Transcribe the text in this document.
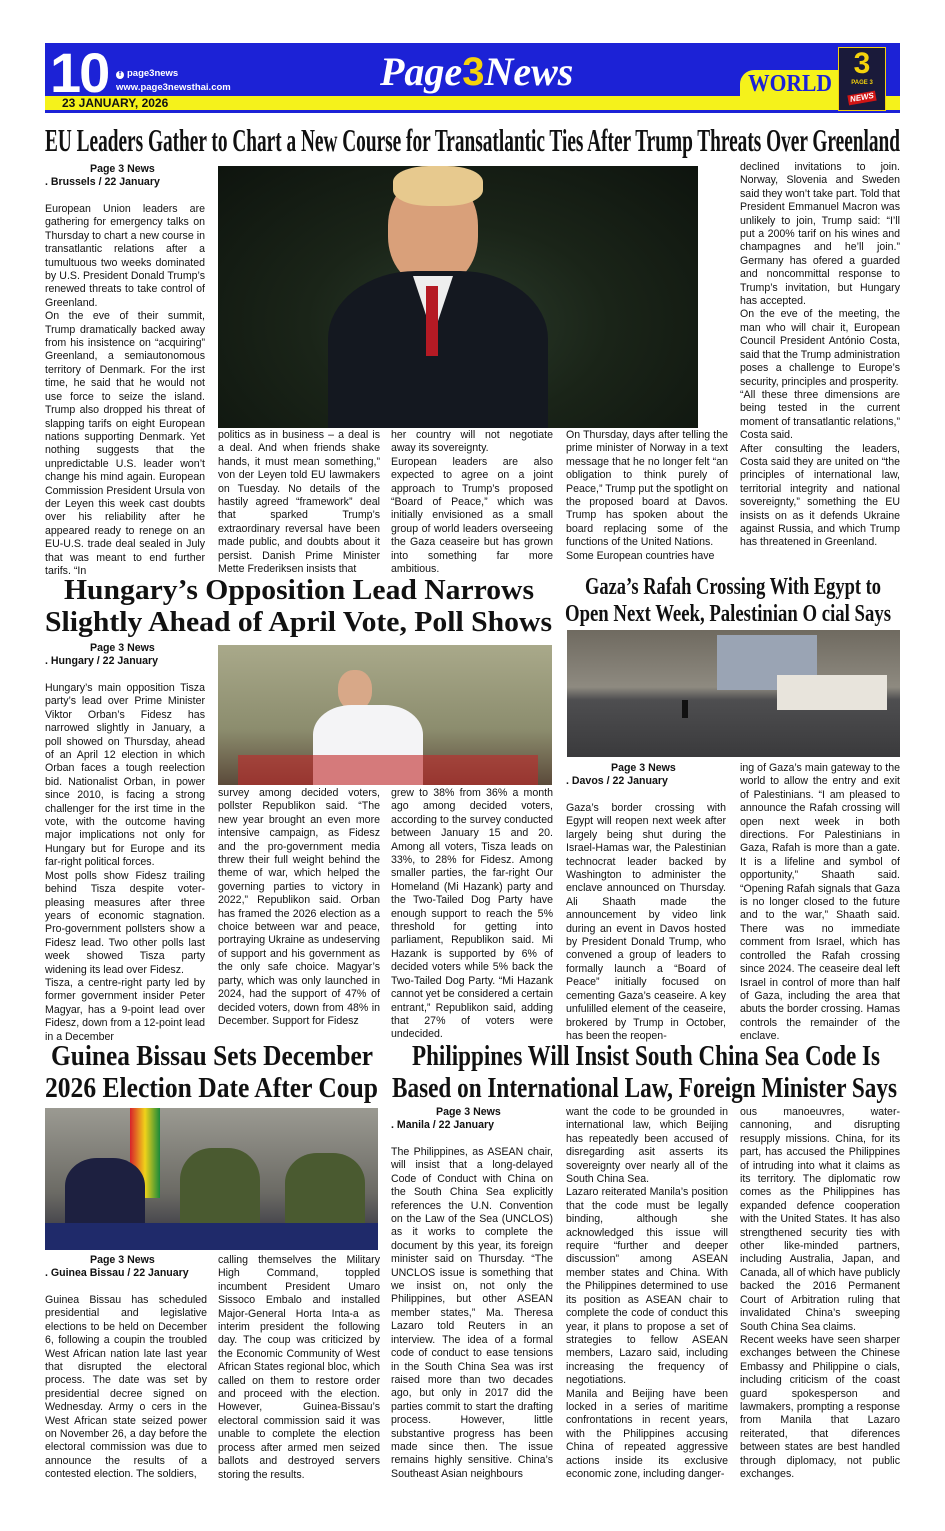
10	f page3news
www.page3newsthai.com
23 JANUARY, 2026
Page3News	WORLD
3
PAGE 3
NEWS
EU Leaders Gather to Chart a New Course for Transatlantic Ties After Trump Threats Over Greenland
Page 3 News
. Brussels / 22 January
European Union leaders are gathering for emergency talks on Thursday to chart a new course in transatlantic relations after a tumultuous two weeks dominated by U.S. President Donald Trump’s renewed threats to take control of Greenland.
On the eve of their summit, Trump dramatically backed away from his insistence on “acquiring” Greenland, a semiautonomous territory of Denmark. For the irst time, he said that he would not use force to seize the island. Trump also dropped his threat of slapping tarifs on eight European nations supporting Denmark. Yet nothing suggests that the unpredictable U.S. leader won’t change his mind again. European Commission President Ursula von der Leyen this week cast doubts over his reliability after he appeared ready to renege on an EU-U.S. trade deal sealed in July that was meant to end further tarifs. “In
politics as in business – a deal is a deal. And when friends shake hands, it must mean something,” von der Leyen told EU lawmakers on Tuesday. No details of the hastily agreed “framework” deal that sparked Trump’s extraordinary reversal have been made public, and doubts about it persist. Danish Prime Minister Mette Frederiksen insists that
her country will not negotiate away its sovereignty.
European leaders are also expected to agree on a joint approach to Trump’s proposed “Board of Peace,” which was initially envisioned as a small group of world leaders overseeing the Gaza ceaseire but has grown into something far more ambitious.
On Thursday, days after telling the prime minister of Norway in a text message that he no longer felt “an obligation to think purely of Peace,” Trump put the spotlight on the proposed board at Davos. Trump has spoken about the board replacing some of the functions of the United Nations.
Some European countries have
declined invitations to join. Norway, Slovenia and Sweden said they won’t take part. Told that President Emmanuel Macron was unlikely to join, Trump said: “I’ll put a 200% tarif on his wines and champagnes and he’ll join.” Germany has ofered a guarded and noncommittal response to Trump’s invitation, but Hungary has accepted.
On the eve of the meeting, the man who will chair it, European Council President António Costa, said that the Trump administration poses a challenge to Europe’s security, principles and prosperity.
“All these three dimensions are being tested in the current moment of transatlantic relations,” Costa said.
After consulting the leaders, Costa said they are united on “the principles of international law, territorial integrity and national sovereignty,” something the EU insists on as it defends Ukraine against Russia, and which Trump has threatened in Greenland.
Hungary’s Opposition Lead Narrows
Slightly Ahead of April Vote, Poll Shows
Page 3 News
. Hungary / 22 January
Hungary’s main opposition Tisza party’s lead over Prime Minister Viktor Orban’s Fidesz has narrowed slightly in January, a poll showed on Thursday, ahead of an April 12 election in which Orban faces a tough reelection bid. Nationalist Orban, in power since 2010, is facing a strong challenger for the irst time in the vote, with the outcome having major implications not only for Hungary but for Europe and its far-right political forces.
Most polls show Fidesz trailing behind Tisza despite voter-pleasing measures after three years of economic stagnation. Pro-government pollsters show a Fidesz lead. Two other polls last week showed Tisza party widening its lead over Fidesz.
Tisza, a centre-right party led by former government insider Peter Magyar, has a 9-point lead over Fidesz, down from a 12-point lead in a December
survey among decided voters, pollster Republikon said. “The new year brought an even more intensive campaign, as Fidesz and the pro-government media threw their full weight behind the theme of war, which helped the governing parties to victory in 2022,” Republikon said. Orban has framed the 2026 election as a choice between war and peace, portraying Ukraine as undeserving of support and his government as the only safe choice. Magyar’s party, which was only launched in 2024, had the support of 47% of decided voters, down from 48% in December. Support for Fidesz
grew to 38% from 36% a month ago among decided voters, according to the survey conducted between January 15 and 20. Among all voters, Tisza leads on 33%, to 28% for Fidesz. Among smaller parties, the far-right Our Homeland (Mi Hazank) party and the Two-Tailed Dog Party have enough support to reach the 5% threshold for getting into parliament, Republikon said. Mi Hazank is supported by 6% of decided voters while 5% back the Two-Tailed Dog Party. “Mi Hazank cannot yet be considered a certain entrant,” Republikon said, adding that 27% of voters were undecided.
Gaza’s Rafah Crossing With Egypt to
Open Next Week, Palestinian O cial Says
Page 3 News
. Davos / 22 January
Gaza’s border crossing with Egypt will reopen next week after largely being shut during the Israel-Hamas war, the Palestinian technocrat leader backed by Washington to administer the enclave announced on Thursday. Ali Shaath made the announcement by video link during an event in Davos hosted by President Donald Trump, who convened a group of leaders to formally launch a “Board of Peace” initially focused on cementing Gaza’s ceaseire. A key unfulilled element of the ceaseire, brokered by Trump in October, has been the reopen-
ing of Gaza’s main gateway to the world to allow the entry and exit of Palestinians. “I am pleased to announce the Rafah crossing will open next week in both directions. For Palestinians in Gaza, Rafah is more than a gate. It is a lifeline and symbol of opportunity,” Shaath said. “Opening Rafah signals that Gaza is no longer closed to the future and to the war,” Shaath said. There was no immediate comment from Israel, which has controlled the Rafah crossing since 2024. The ceaseire deal left Israel in control of more than half of Gaza, including the area that abuts the border crossing. Hamas controls the remainder of the enclave.
Guinea Bissau Sets December
2026 Election Date After Coup
Page 3 News
. Guinea Bissau / 22 January
Guinea Bissau has scheduled presidential and legislative elections to be held on December 6, following a coupin the troubled West African nation late last year that disrupted the electoral process. The date was set by presidential decree signed on Wednesday. Army o cers in the West African state seized power on November 26, a day before the electoral commission was due to announce the results of a contested election. The soldiers,
calling themselves the Military High Command, toppled incumbent President Umaro Sissoco Embalo and installed Major-General Horta Inta-a as interim president the following day. The coup was criticized by the Economic Community of West African States regional bloc, which called on them to restore order and proceed with the election. However, Guinea-Bissau’s electoral commission said it was unable to complete the election process after armed men seized ballots and destroyed servers storing the results.
Philippines Will Insist South China Sea Code Is
Based on International Law, Foreign Minister Says
Page 3 News
. Manila / 22 January
The Philippines, as ASEAN chair, will insist that a long-delayed Code of Conduct with China on the South China Sea explicitly references the U.N. Convention on the Law of the Sea (UNCLOS) as it works to complete the document by this year, its foreign minister said on Thursday. “The UNCLOS issue is something that we insist on, not only the Philippines, but other ASEAN member states,” Ma. Theresa Lazaro told Reuters in an interview. The idea of a formal code of conduct to ease tensions in the South China Sea was irst raised more than two decades ago, but only in 2017 did the parties commit to start the drafting process. However, little substantive progress has been made since then. The issue remains highly sensitive. China’s Southeast Asian neighbours
want the code to be grounded in international law, which Beijing has repeatedly been accused of disregarding asit asserts its sovereignty over nearly all of the South China Sea.
Lazaro reiterated Manila’s position that the code must be legally binding, although she acknowledged this issue will require “further and deeper discussion” among ASEAN member states and China. With the Philippines determined to use its position as ASEAN chair to complete the code of conduct this year, it plans to propose a set of strategies to fellow ASEAN members, Lazaro said, including increasing the frequency of negotiations.
Manila and Beijing have been locked in a series of maritime confrontations in recent years, with the Philippines accusing China of repeated aggressive actions inside its exclusive economic zone, including danger-
ous manoeuvres, water-cannoning, and disrupting resupply missions. China, for its part, has accused the Philippines of intruding into what it claims as its territory. The diplomatic row comes as the Philippines has expanded defence cooperation with the United States. It has also strengthened security ties with other like-minded partners, including Australia, Japan, and Canada, all of which have publicly backed the 2016 Permanent Court of Arbitration ruling that invalidated China’s sweeping South China Sea claims.
Recent weeks have seen sharper exchanges between the Chinese Embassy and Philippine o cials, including criticism of the coast guard spokesperson and lawmakers, prompting a response from Manila that Lazaro reiterated, that diferences between states are best handled through diplomacy, not public exchanges.
